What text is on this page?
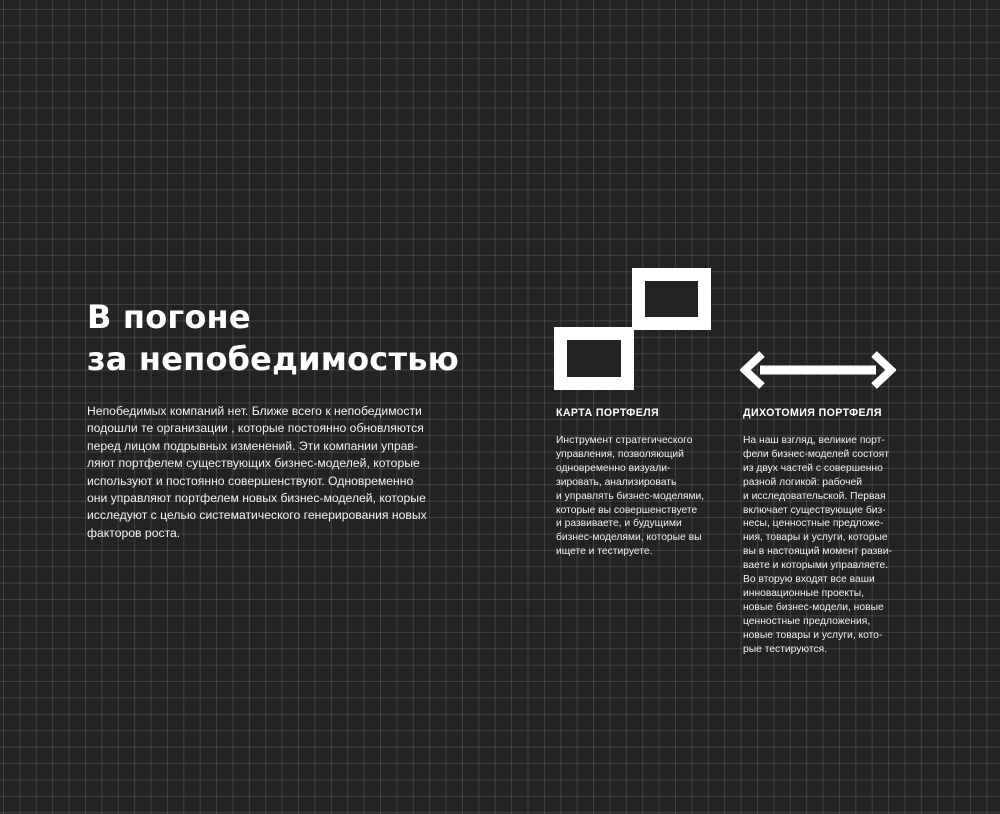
В погоне
за непобедимостью

Непобедимых компаний нет. Ближе всего к непобедимости
подошли те организации , которые постоянно обновляются
перед лицом подрывных изменений. Эти компании управ-
ляют портфелем существующих бизнес-моделей, которые
используют и постоянно совершенствуют. Одновременно
они управляют портфелем новых бизнес-моделей, которые
исследуют с целью систематического генерирования новых
факторов роста.

КАРТА ПОРТФЕЛЯ

Инструмент стратегического
управления, позволяющий
одновременно визуали-
зировать, анализировать
и управлять бизнес-моделями,
которые вы совершенствуете
и развиваете, и будущими
бизнес-моделями, которые вы
ищете и тестируете.

ДИХОТОМИЯ ПОРТФЕЛЯ

На наш взгляд, великие порт-
фели бизнес-моделей состоят
из двух частей с совершенно
разной логикой: рабочей
и исследовательской. Первая
включает существующие биз-
несы, ценностные предложе-
ния, товары и услуги, которые
вы в настоящий момент разви-
ваете и которыми управляете.
Во вторую входят все ваши
инновационные проекты,
новые бизнес-модели, новые
ценностные предложения,
новые товары и услуги, кото-
рые тестируются.
